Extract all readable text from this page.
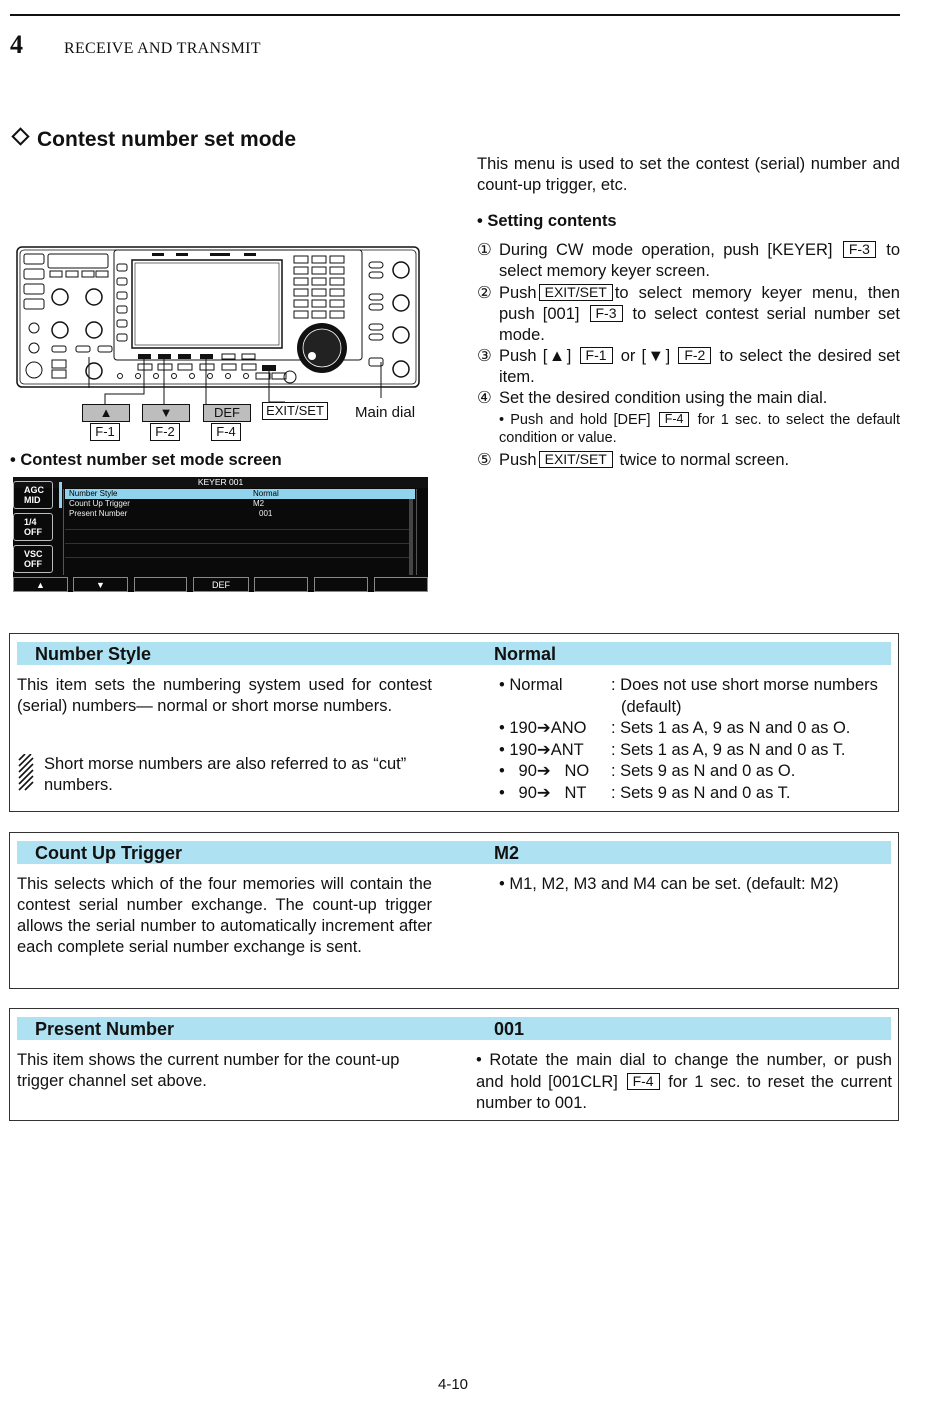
4	RECEIVE AND TRANSMIT
Contest number set mode
This menu is used to set the contest (serial) number and count-up trigger, etc.
• Setting contents
① During CW mode operation, push [KEYER] F-3 to select memory keyer screen.
② Push EXIT/SET to select memory keyer menu, then push [001] F-3 to select contest serial number set mode.
③ Push [▲] F-1 or [▼] F-2 to select the desired set item.
④ Set the desired condition using the main dial.
• Push and hold [DEF] F-4 for 1 sec. to select the default condition or value.
⑤ Push EXIT/SET twice to normal screen.
▲
F-1
▼
F-2
DEF
F-4
EXIT/SET Main dial
• Contest number set mode screen
KEYER 001
AGC
MID
1/4
OFF
VSC
OFF
Number Style	Normal
Count Up Trigger	M2
Present Number	001
▲	▼	DEF
Number Style	Normal
This item sets the numbering system used for contest (serial) numbers— normal or short morse numbers.
Short morse numbers are also referred to as “cut” numbers.
• Normal	: Does not use short morse numbers
(default)
• 190➔ANO : Sets 1 as A, 9 as N and 0 as O.
• 190➔ANT : Sets 1 as A, 9 as N and 0 as T.
•   90➔   NO : Sets 9 as N and 0 as O.
•   90➔   NT : Sets 9 as N and 0 as T.
Count Up Trigger	M2
This selects which of the four memories will contain the contest serial number exchange. The count-up trigger allows the serial number to automatically increment after each complete serial number exchange is sent.
• M1, M2, M3 and M4 can be set. (default: M2)
Present Number	001
This item shows the current number for the count-up trigger channel set above.
• Rotate the main dial to change the number, or push and hold [001CLR] F-4 for 1 sec. to reset the current number to 001.
4-10
